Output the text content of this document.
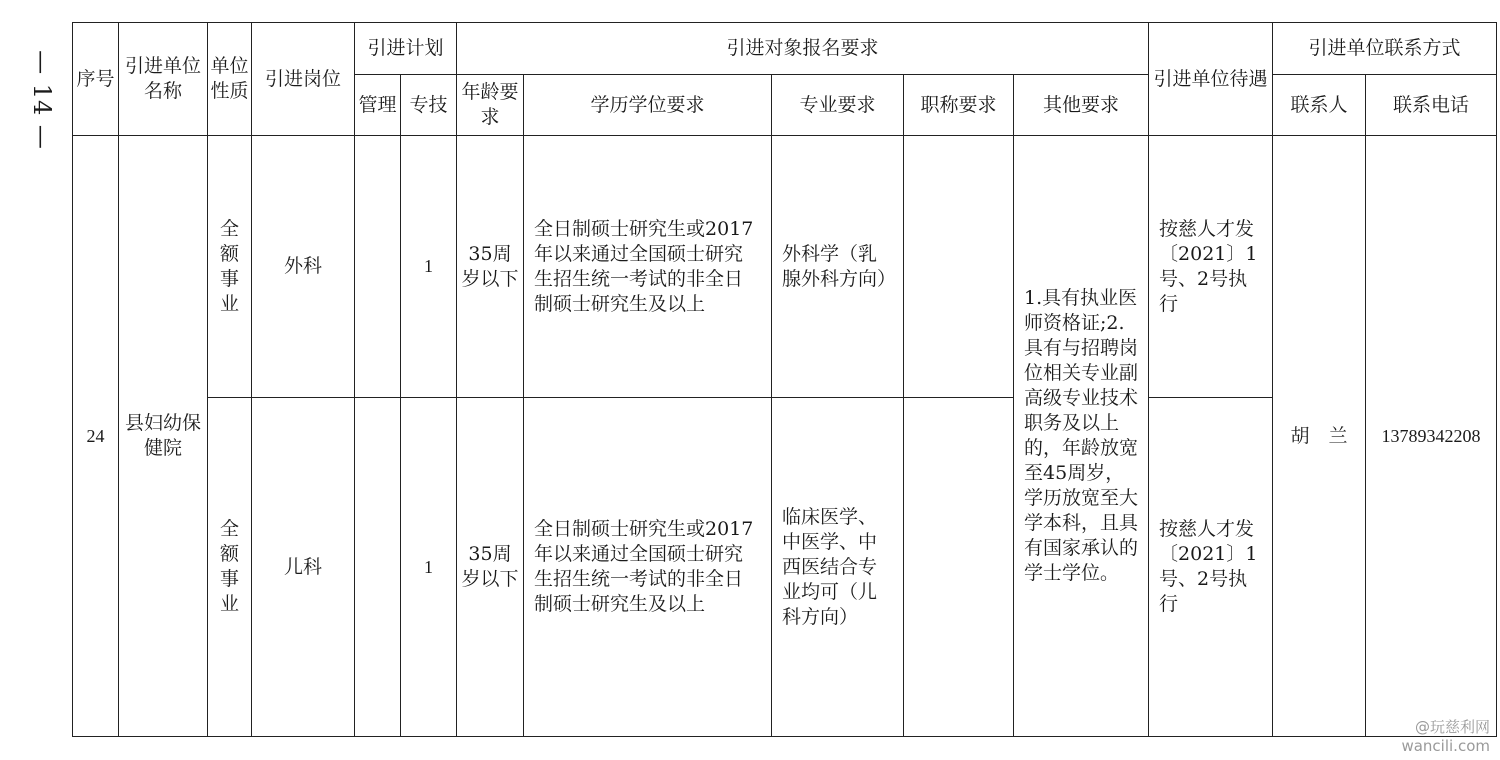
— 14 — 序号	引进单位名称	单位性质	引进岗位	引进计划		引进对象报名要求					引进单位待遇	引进单位联系方式	
				管理	专技	年龄要求	学历学位要求	专业要求	职称要求	其他要求		联系人	联系电话
24	县妇幼保健院	全额事业	外科		1	35周岁以下	全日制硕士研究生或2017年以来通过全国硕士研究生招生统一考试的非全日制硕士研究生及以上	外科学（乳腺外科方向）		1.具有执业医师资格证;2.具有与招聘岗位相关专业副高级专业技术职务及以上的，年龄放宽至45周岁，学历放宽至大学本科，且具有国家承认的学士学位。	按慈人才发〔2021〕1号、2号执行	胡　兰	13789342208
		全额事业	儿科		1	35周岁以下	全日制硕士研究生或2017年以来通过全国硕士研究生招生统一考试的非全日制硕士研究生及以上	临床医学、中医学、中西医结合专业均可（儿科方向）			按慈人才发〔2021〕1号、2号执行		
@玩慈利网
wancili.com
